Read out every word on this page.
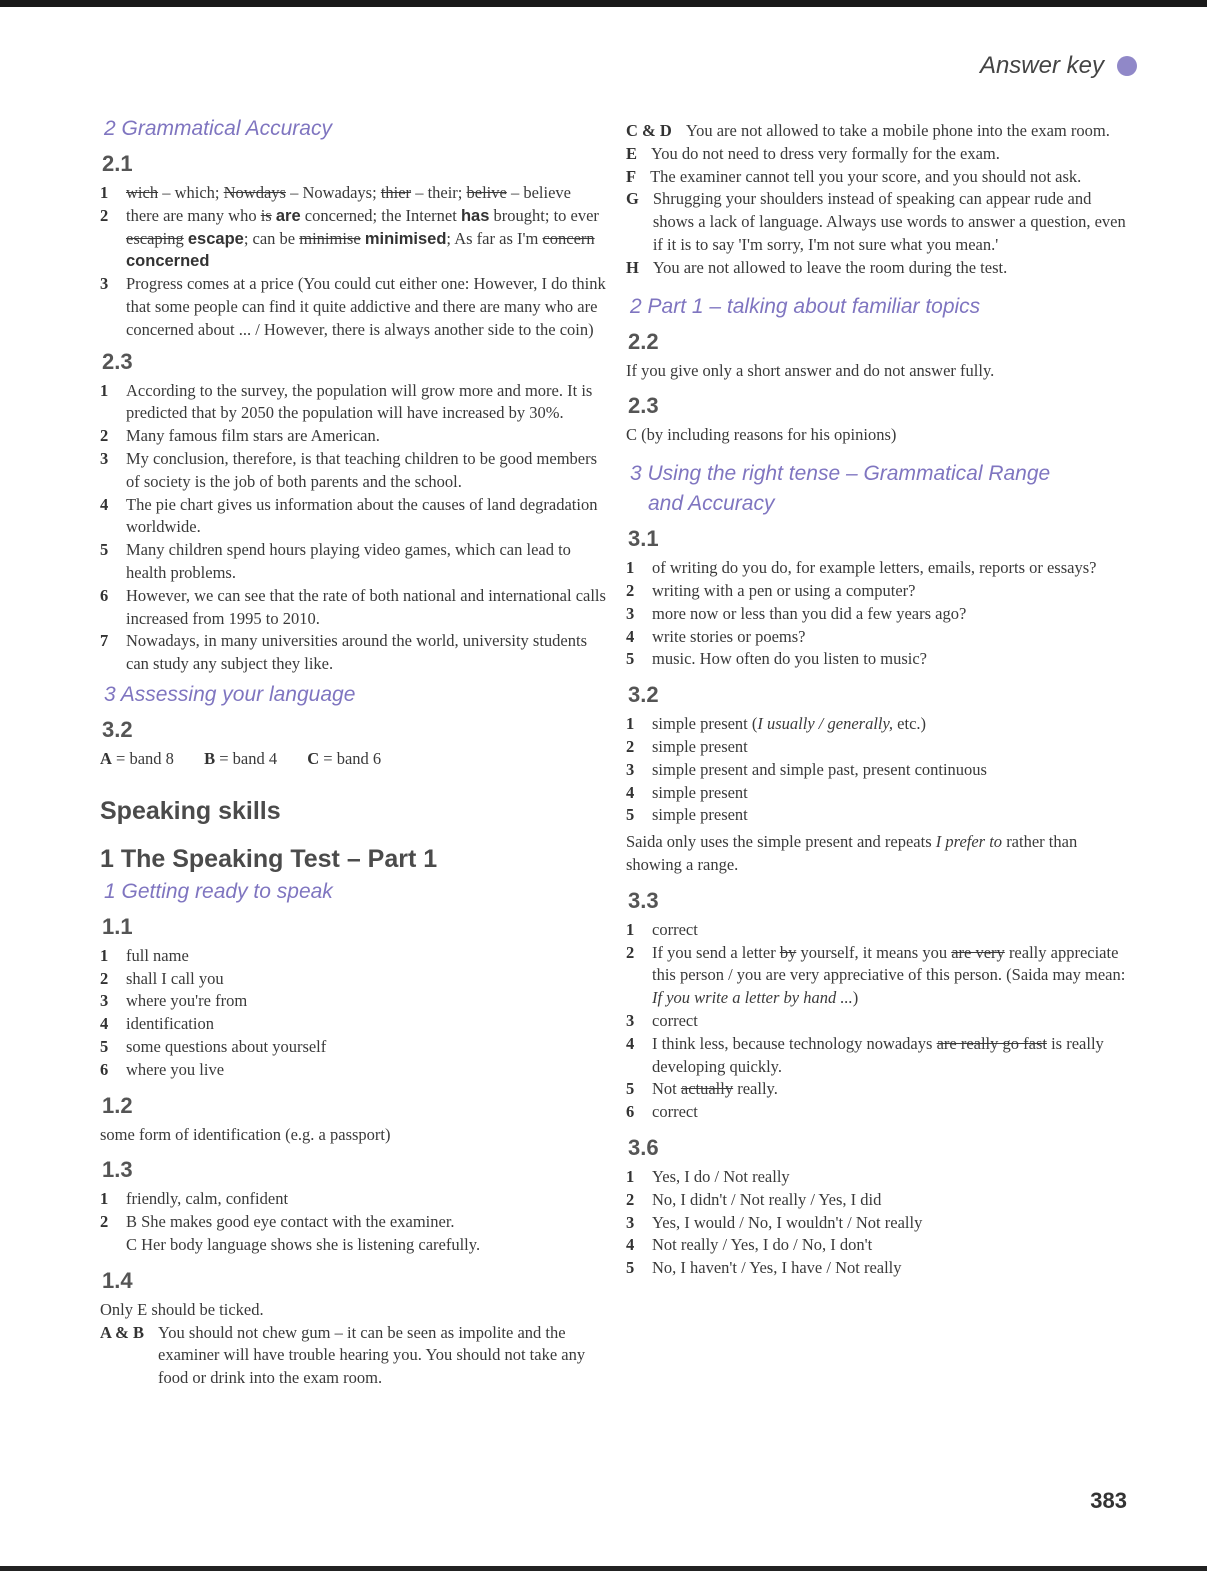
Answer key
2 Grammatical Accuracy
2.1
1	wich – which; Nowdays – Nowadays; thier – their; belive – believe
2	there are many who is are concerned; the Internet has brought; to ever escaping escape; can be minimise minimised; As far as I'm concern concerned
3	Progress comes at a price (You could cut either one: However, I do think that some people can find it quite addictive and there are many who are concerned about ... / However, there is always another side to the coin)
2.3
1	According to the survey, the population will grow more and more. It is predicted that by 2050 the population will have increased by 30%.
2	Many famous film stars are American.
3	My conclusion, therefore, is that teaching children to be good members of society is the job of both parents and the school.
4	The pie chart gives us information about the causes of land degradation worldwide.
5	Many children spend hours playing video games, which can lead to health problems.
6	However, we can see that the rate of both national and international calls increased from 1995 to 2010.
7	Nowadays, in many universities around the world, university students can study any subject they like.
3 Assessing your language
3.2
A = band 8 B = band 4 C = band 6
Speaking skills
1 The Speaking Test – Part 1
1 Getting ready to speak
1.1
1	full name
2	shall I call you
3	where you're from
4	identification
5	some questions about yourself
6	where you live
1.2
some form of identification (e.g. a passport)
1.3
1	friendly, calm, confident
2	B She makes good eye contact with the examiner.
C Her body language shows she is listening carefully.
1.4
Only E should be ticked.
A & B You should not chew gum – it can be seen as impolite and the examiner will have trouble hearing you. You should not take any food or drink into the exam room.
C & D You are not allowed to take a mobile phone into the exam room.
E You do not need to dress very formally for the exam.
F The examiner cannot tell you your score, and you should not ask.
G Shrugging your shoulders instead of speaking can appear rude and shows a lack of language. Always use words to answer a question, even if it is to say 'I'm sorry, I'm not sure what you mean.'
H You are not allowed to leave the room during the test.
2 Part 1 – talking about familiar topics
2.2
If you give only a short answer and do not answer fully.
2.3
C (by including reasons for his opinions)
3 Using the right tense – Grammatical Range
and Accuracy
3.1
1	of writing do you do, for example letters, emails, reports or essays?
2	writing with a pen or using a computer?
3	more now or less than you did a few years ago?
4	write stories or poems?
5	music. How often do you listen to music?
3.2
1	simple present (I usually / generally, etc.)
2	simple present
3	simple present and simple past, present continuous
4	simple present
5	simple present
Saida only uses the simple present and repeats I prefer to rather than showing a range.
3.3
1	correct
2	If you send a letter by yourself, it means you are very really appreciate this person / you are very appreciative of this person. (Saida may mean: If you write a letter by hand ...)
3	correct
4	I think less, because technology nowadays are really go fast is really developing quickly.
5	Not actually really.
6	correct
3.6
1	Yes, I do / Not really
2	No, I didn't / Not really / Yes, I did
3	Yes, I would / No, I wouldn't / Not really
4	Not really / Yes, I do / No, I don't
5	No, I haven't / Yes, I have / Not really
383
